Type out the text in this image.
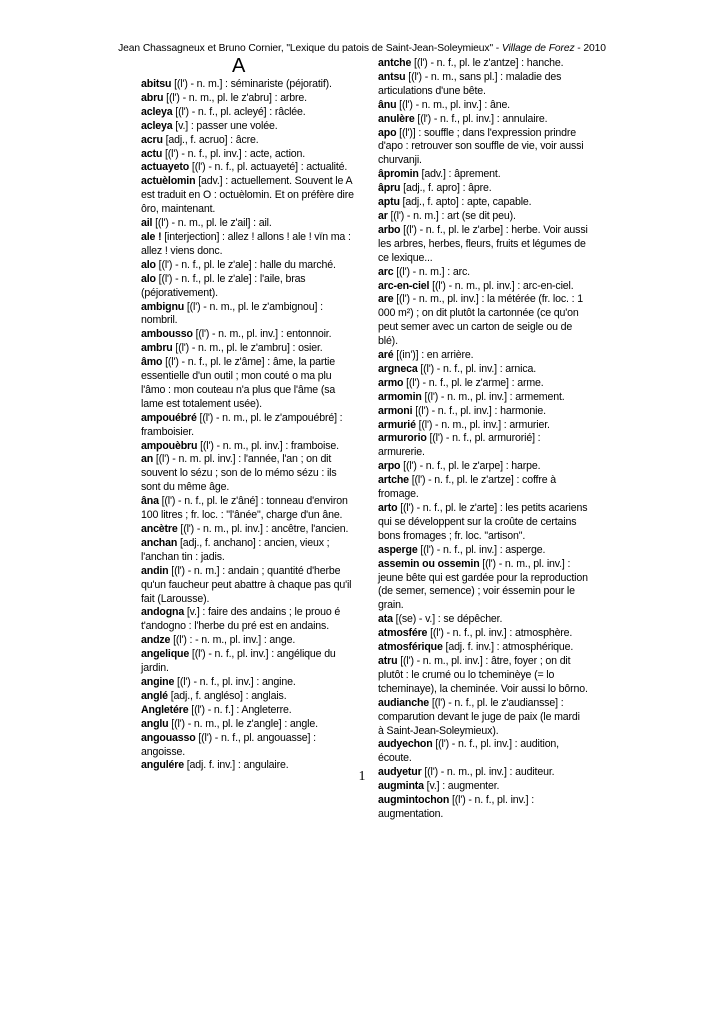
Jean Chassagneux et Bruno Cornier, "Lexique du patois de Saint-Jean-Soleymieux" - Village de Forez - 2010
A

abitsu [(l') - n. m.] : séminariste (péjoratif).

abru [(l') - n. m., pl. le z'abru] : arbre.

acleya [(l') - n. f., pl. acleyé] : râclée.

acleya [v.] : passer une volée.

acru [adj., f. acruo] : âcre.

actu [(l') - n. f., pl. inv.] : acte, action.

actuayeto [(l') - n. f., pl. actuayeté] : actualité.

actuèlomin [adv.] : actuellement. Souvent le A est traduit en O : octuèlomin. Et on préfère dire ôro, maintenant.

ail [(l') - n. m., pl. le z'ail] : ail.

ale ! [interjection] : allez ! allons ! ale ! vïn ma : allez ! viens donc.

alo [(l') - n. f., pl. le z'ale] : halle du marché.

alo [(l') - n. f., pl. le z'ale] : l'aile, bras (péjorativement).

ambignu [(l') - n. m., pl. le z'ambignou] : nombril.

ambousso [(l') - n. m., pl. inv.] : entonnoir.

ambru [(l') - n. m., pl. le z'ambru] : osier.

âmo [(l') - n. f., pl. le z'âme] : âme, la partie essentielle d'un outil ; mon couté o ma plu l'âmo : mon couteau n'a plus que l'âme (sa lame est totalement usée).

ampouébré [(l') - n. m., pl. le z'ampouébré] : framboisier.

ampouèbru [(l') - n. m., pl. inv.] : framboise.

an [(l') - n. m. pl. inv.] : l'année, l'an ; on dit souvent lo sézu ; son de lo mémo sézu : ils sont du même âge.

âna [(l') - n. f., pl. le z'âné] : tonneau d'environ 100 litres ; fr. loc. : "l'ânée", charge d'un âne.

ancètre [(l') - n. m., pl. inv.] : ancêtre, l'ancien.

anchan [adj., f. anchano] : ancien, vieux ; l'anchan tin : jadis.

andin [(l') - n. m.] : andain ; quantité d'herbe qu'un faucheur peut abattre à chaque pas qu'il fait (Larousse).

andogna [v.] : faire des andains ; le prouo é t'andogno : l'herbe du pré est en andains.

andze [(l') : - n. m., pl. inv.] : ange.

angelique [(l') - n. f., pl. inv.] : angélique du jardin.

angine [(l') - n. f., pl. inv.] : angine.

anglé [adj., f. angléso] : anglais.

Angletére [(l') - n. f.] : Angleterre.

anglu [(l') - n. m., pl. le z'angle] : angle.

angouasso [(l') - n. f., pl. angouasse] : angoisse.

angulére [adj. f. inv.] : angulaire.

antche [(l') - n. f., pl. le z'antze] : hanche.

antsu [(l') - n. m., sans pl.] : maladie des articulations d'une bête.

ânu [(l') - n. m., pl. inv.] : âne.

anulère [(l') - n. f., pl. inv.] : annulaire.

apo [(l')] : souffle ; dans l'expression prindre d'apo : retrouver son souffle de vie, voir aussi churvanji.

âpromin [adv.] : âprement.

âpru [adj., f. apro] : âpre.

aptu [adj., f. apto] : apte, capable.

ar [(l') - n. m.] : art (se dit peu).

arbo [(l') - n. f., pl. le z'arbe] : herbe. Voir aussi les arbres, herbes, fleurs, fruits et légumes de ce lexique...

arc [(l') - n. m.] : arc.

arc-en-ciel [(l') - n. m., pl. inv.] : arc-en-ciel.

are [(l') - n. m., pl. inv.] : la métérée (fr. loc. : 1 000 m²) ; on dit plutôt la cartonnée (ce qu'on peut semer avec un carton de seigle ou de blé).

aré [(in')] : en arrière.

argneca [(l') - n. f., pl. inv.] : arnica.

armo [(l') - n. f., pl. le z'arme] : arme.

armomin [(l') - n. m., pl. inv.] : armement.

armoni [(l') - n. f., pl. inv.] : harmonie.

armurié [(l') - n. m., pl. inv.] : armurier.

armurorio [(l') - n. f., pl. armurorié] : armurerie.

arpo [(l') - n. f., pl. le z'arpe] : harpe.

artche [(l') - n. f., pl. le z'artze] : coffre à fromage.

arto [(l') - n. f., pl. le z'arte] : les petits acariens qui se développent sur la croûte de certains bons fromages ; fr. loc. "artison".

asperge [(l') - n. f., pl. inv.] : asperge.

assemin ou ossemin [(l') - n. m., pl. inv.] : jeune bête qui est gardée pour la reproduction (de semer, semence) ; voir éssemin pour le grain.

ata [(se) - v.] : se dépêcher.

atmosfére [(l') - n. f., pl. inv.] : atmosphère.

atmosférique [adj. f. inv.] : atmosphérique.

atru [(l') - n. m., pl. inv.] : âtre, foyer ; on dit plutôt : le crumé ou lo tcheminèye (= lo tcheminaye), la cheminée. Voir aussi lo bôrno.

audianche [(l') - n. f., pl. le z'audiansse] : comparution devant le juge de paix (le mardi à Saint-Jean-Soleymieux).

audyechon [(l') - n. f., pl. inv.] : audition, écoute.

audyetur [(l') - n. m., pl. inv.] : auditeur.

augminta [v.] : augmenter.

augmintochon [(l') - n. f., pl. inv.] : augmentation.

1
